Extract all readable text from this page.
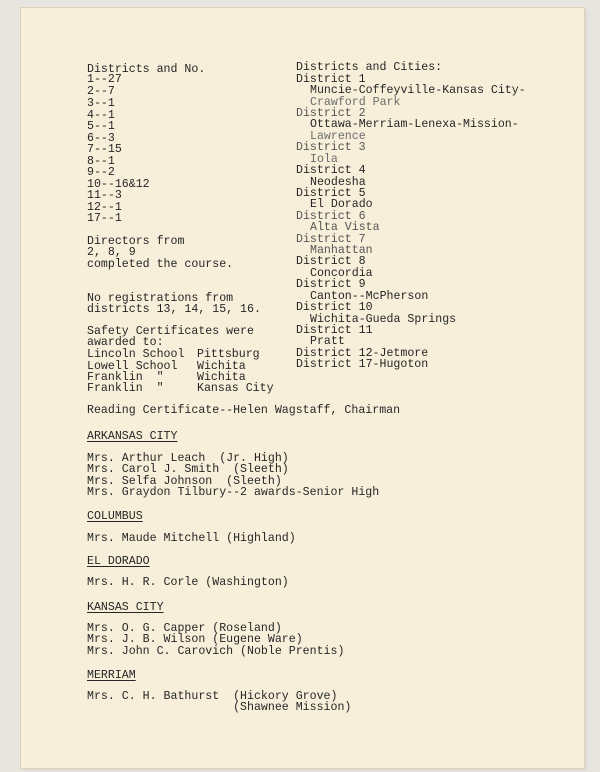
Districts and No.
1--27
2--7
3--1
4--1
5--1
6--3
7--15
8--1
9--2
10--16&12
11--3
12--1
17--1
Directors from
2, 8, 9
completed the course.
No registrations from
districts 13, 14, 15, 16.
Safety Certificates were
awarded to:
Lincoln School Pittsburg
Lowell School Wichita
Franklin  "	Wichita
Franklin  "	Kansas City
Districts and Cities:
District 1
Muncie-Coffeyville-Kansas City-
Crawford Park
District 2
Ottawa-Merriam-Lenexa-Mission-
Lawrence
District 3
Iola
District 4
Neodesha
District 5
El Dorado
District 6
Alta Vista
District 7
Manhattan
District 8
Concordia
District 9
Canton--McPherson
District 10
Wichita-Gueda Springs
District 11
Pratt
District 12-Jetmore
District 17-Hugoton
Reading Certificate--Helen Wagstaff, Chairman
ARKANSAS CITY
Mrs. Arthur Leach  (Jr. High)
Mrs. Carol J. Smith  (Sleeth)
Mrs. Selfa Johnson  (Sleeth)
Mrs. Graydon Tilbury--2 awards-Senior High
COLUMBUS
Mrs. Maude Mitchell (Highland)
EL DORADO
Mrs. H. R. Corle (Washington)
KANSAS CITY
Mrs. O. G. Capper (Roseland)
Mrs. J. B. Wilson (Eugene Ware)
Mrs. John C. Carovich (Noble Prentis)
MERRIAM
Mrs. C. H. Bathurst  (Hickory Grove)
(Shawnee Mission)
